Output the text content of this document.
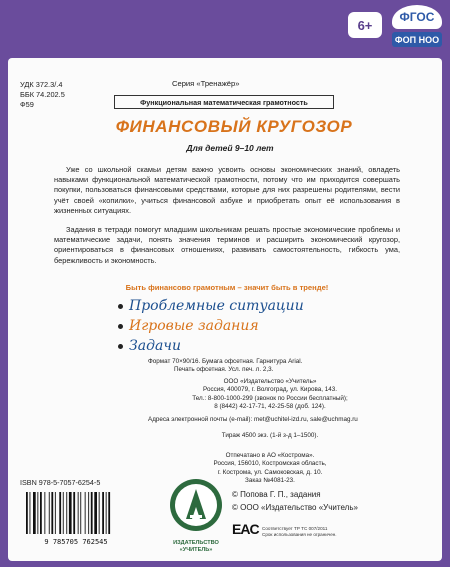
6+
УДК 372.3/.4
ББК 74.202.5
Ф59
Серия «Тренажёр»
Функциональная математическая грамотность
ФИНАНСОВЫЙ КРУГОЗОР
Для детей 9–10 лет
Уже со школьной скамьи детям важно усвоить основы экономических знаний, овладеть навыками функциональной математической грамотности, потому что им приходится совершать покупки, пользоваться финансовыми средствами, которые для них разрешены родителями, вести учёт своей «копилки», учиться финансовой азбуке и приобретать опыт её использования в жизненных ситуациях.
Задания в тетради помогут младшим школьникам решать простые экономические проблемы и математические задачи, понять значения терминов и расширить экономический кругозор, ориентироваться в финансовых отношениях, развивать самостоятельность, гибкость ума, бережливость и экономность.
Быть финансово грамотным – значит быть в тренде!
Проблемные ситуации
Игровые задания
Задачи
Формат 70×90/16. Бумага офсетная. Гарнитура Arial.
Печать офсетная. Усл. печ. л. 2,3.
ООО «Издательство «Учитель»
Россия, 400079, г. Волгоград, ул. Кирова, 143.
Тел.: 8-800-1000-299 (звонок по России бесплатный);
8 (8442) 42-17-71, 42-25-58 (доб. 124).
Адреса электронной почты (e-mail): met@uchitel-izd.ru, sale@uchmag.ru
Тираж 4500 экз. (1-й з-д 1–1500).
Отпечатано в АО «Кострома».
Россия, 156010, Костромская область,
г. Кострома, ул. Самоковская, д. 10.
Заказ №4081-23.
ISBN 978-5-7057-6254-5
9 785705 762545	ИЗДАТЕЛЬСТВО
«УЧИТЕЛЬ»
© Попова Г. П., задания
© ООО «Издательство «Учитель»
EAC Соответствует ТР ТС 007/2011
Срок использования не ограничен.
ФГОС
ФОП НОО
